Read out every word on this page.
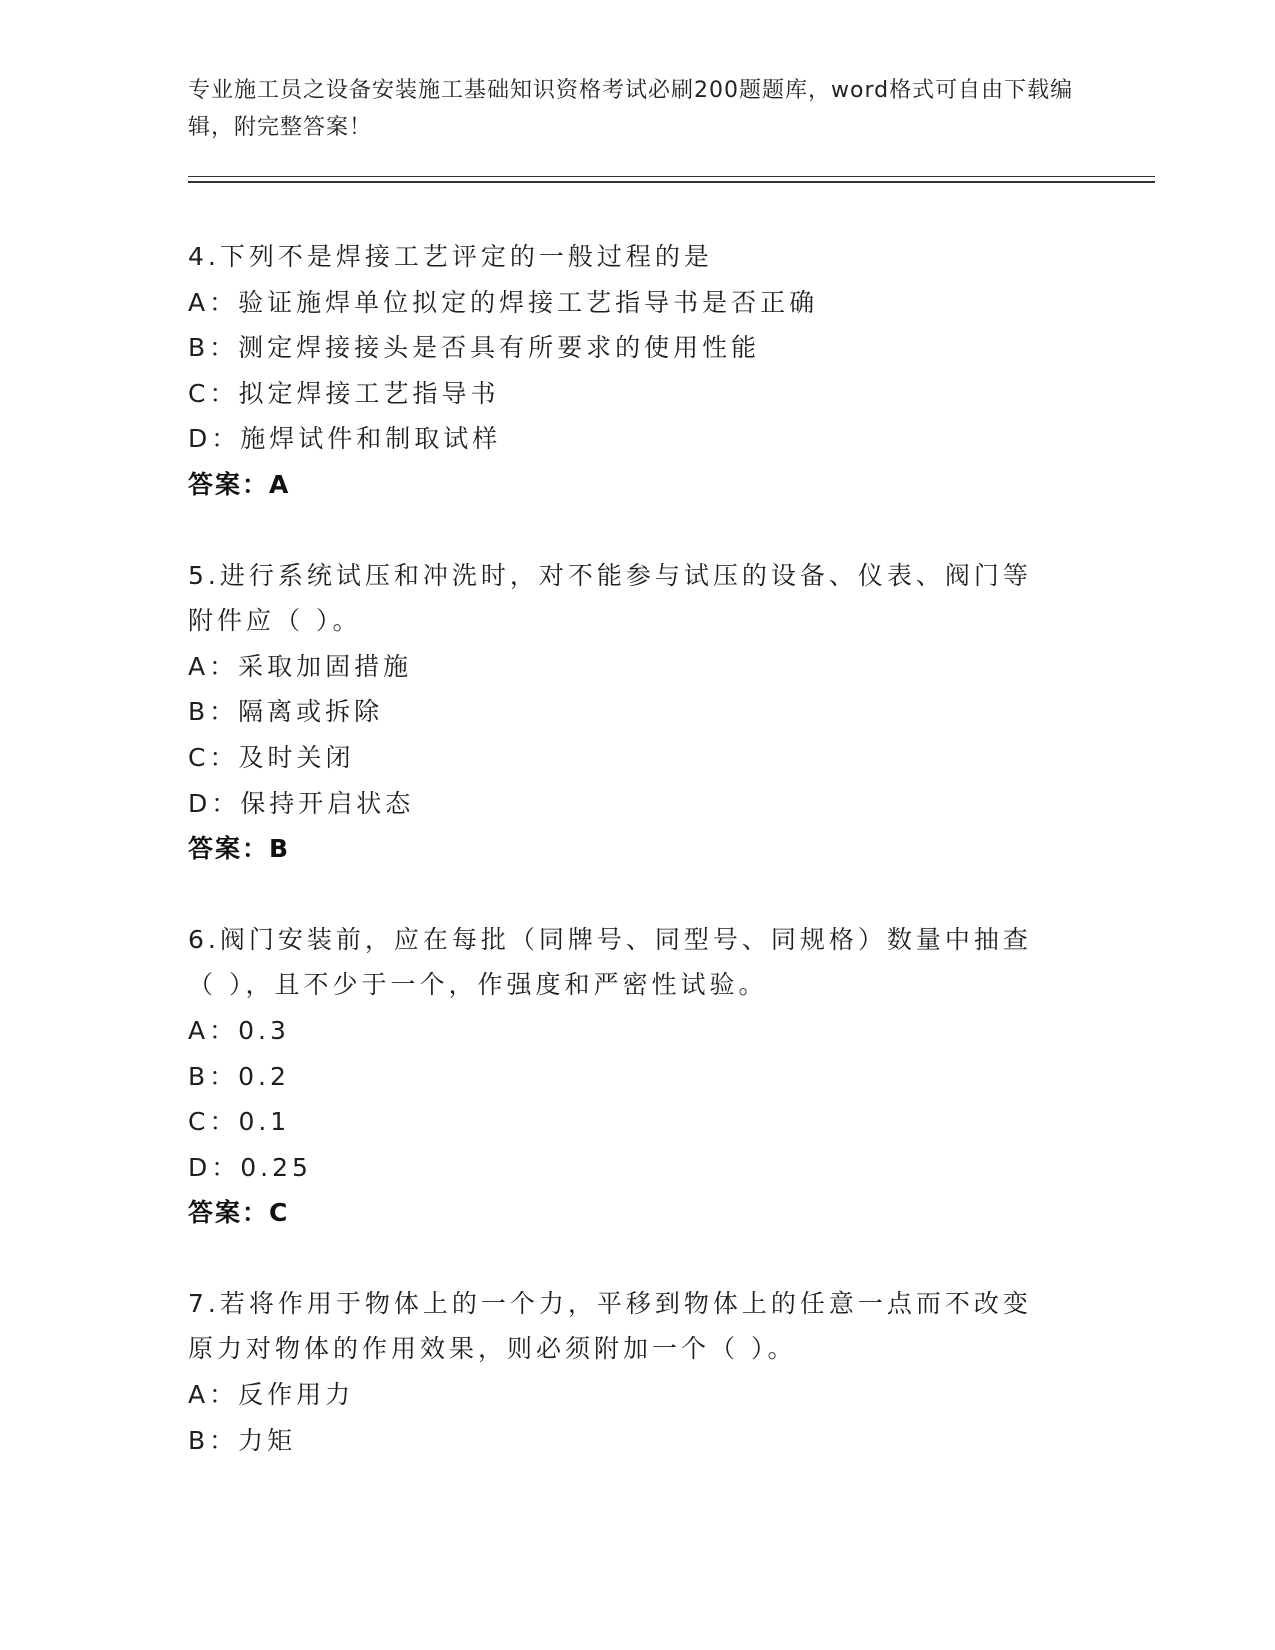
专业施工员之设备安装施工基础知识资格考试必刷200题题库，word格式可自由下载编辑，附完整答案！
4.下列不是焊接工艺评定的一般过程的是
A：验证施焊单位拟定的焊接工艺指导书是否正确
B：测定焊接接头是否具有所要求的使用性能
C：拟定焊接工艺指导书
D：施焊试件和制取试样
答案：A
5.进行系统试压和冲洗时，对不能参与试压的设备、仪表、阀门等附件应（ ）。
A：采取加固措施
B：隔离或拆除
C：及时关闭
D：保持开启状态
答案：B
6.阀门安装前，应在每批（同牌号、同型号、同规格）数量中抽查（ ），且不少于一个，作强度和严密性试验。
A：0.3
B：0.2
C：0.1
D：0.25
答案：C
7.若将作用于物体上的一个力，平移到物体上的任意一点而不改变原力对物体的作用效果，则必须附加一个（ ）。
A：反作用力
B：力矩
